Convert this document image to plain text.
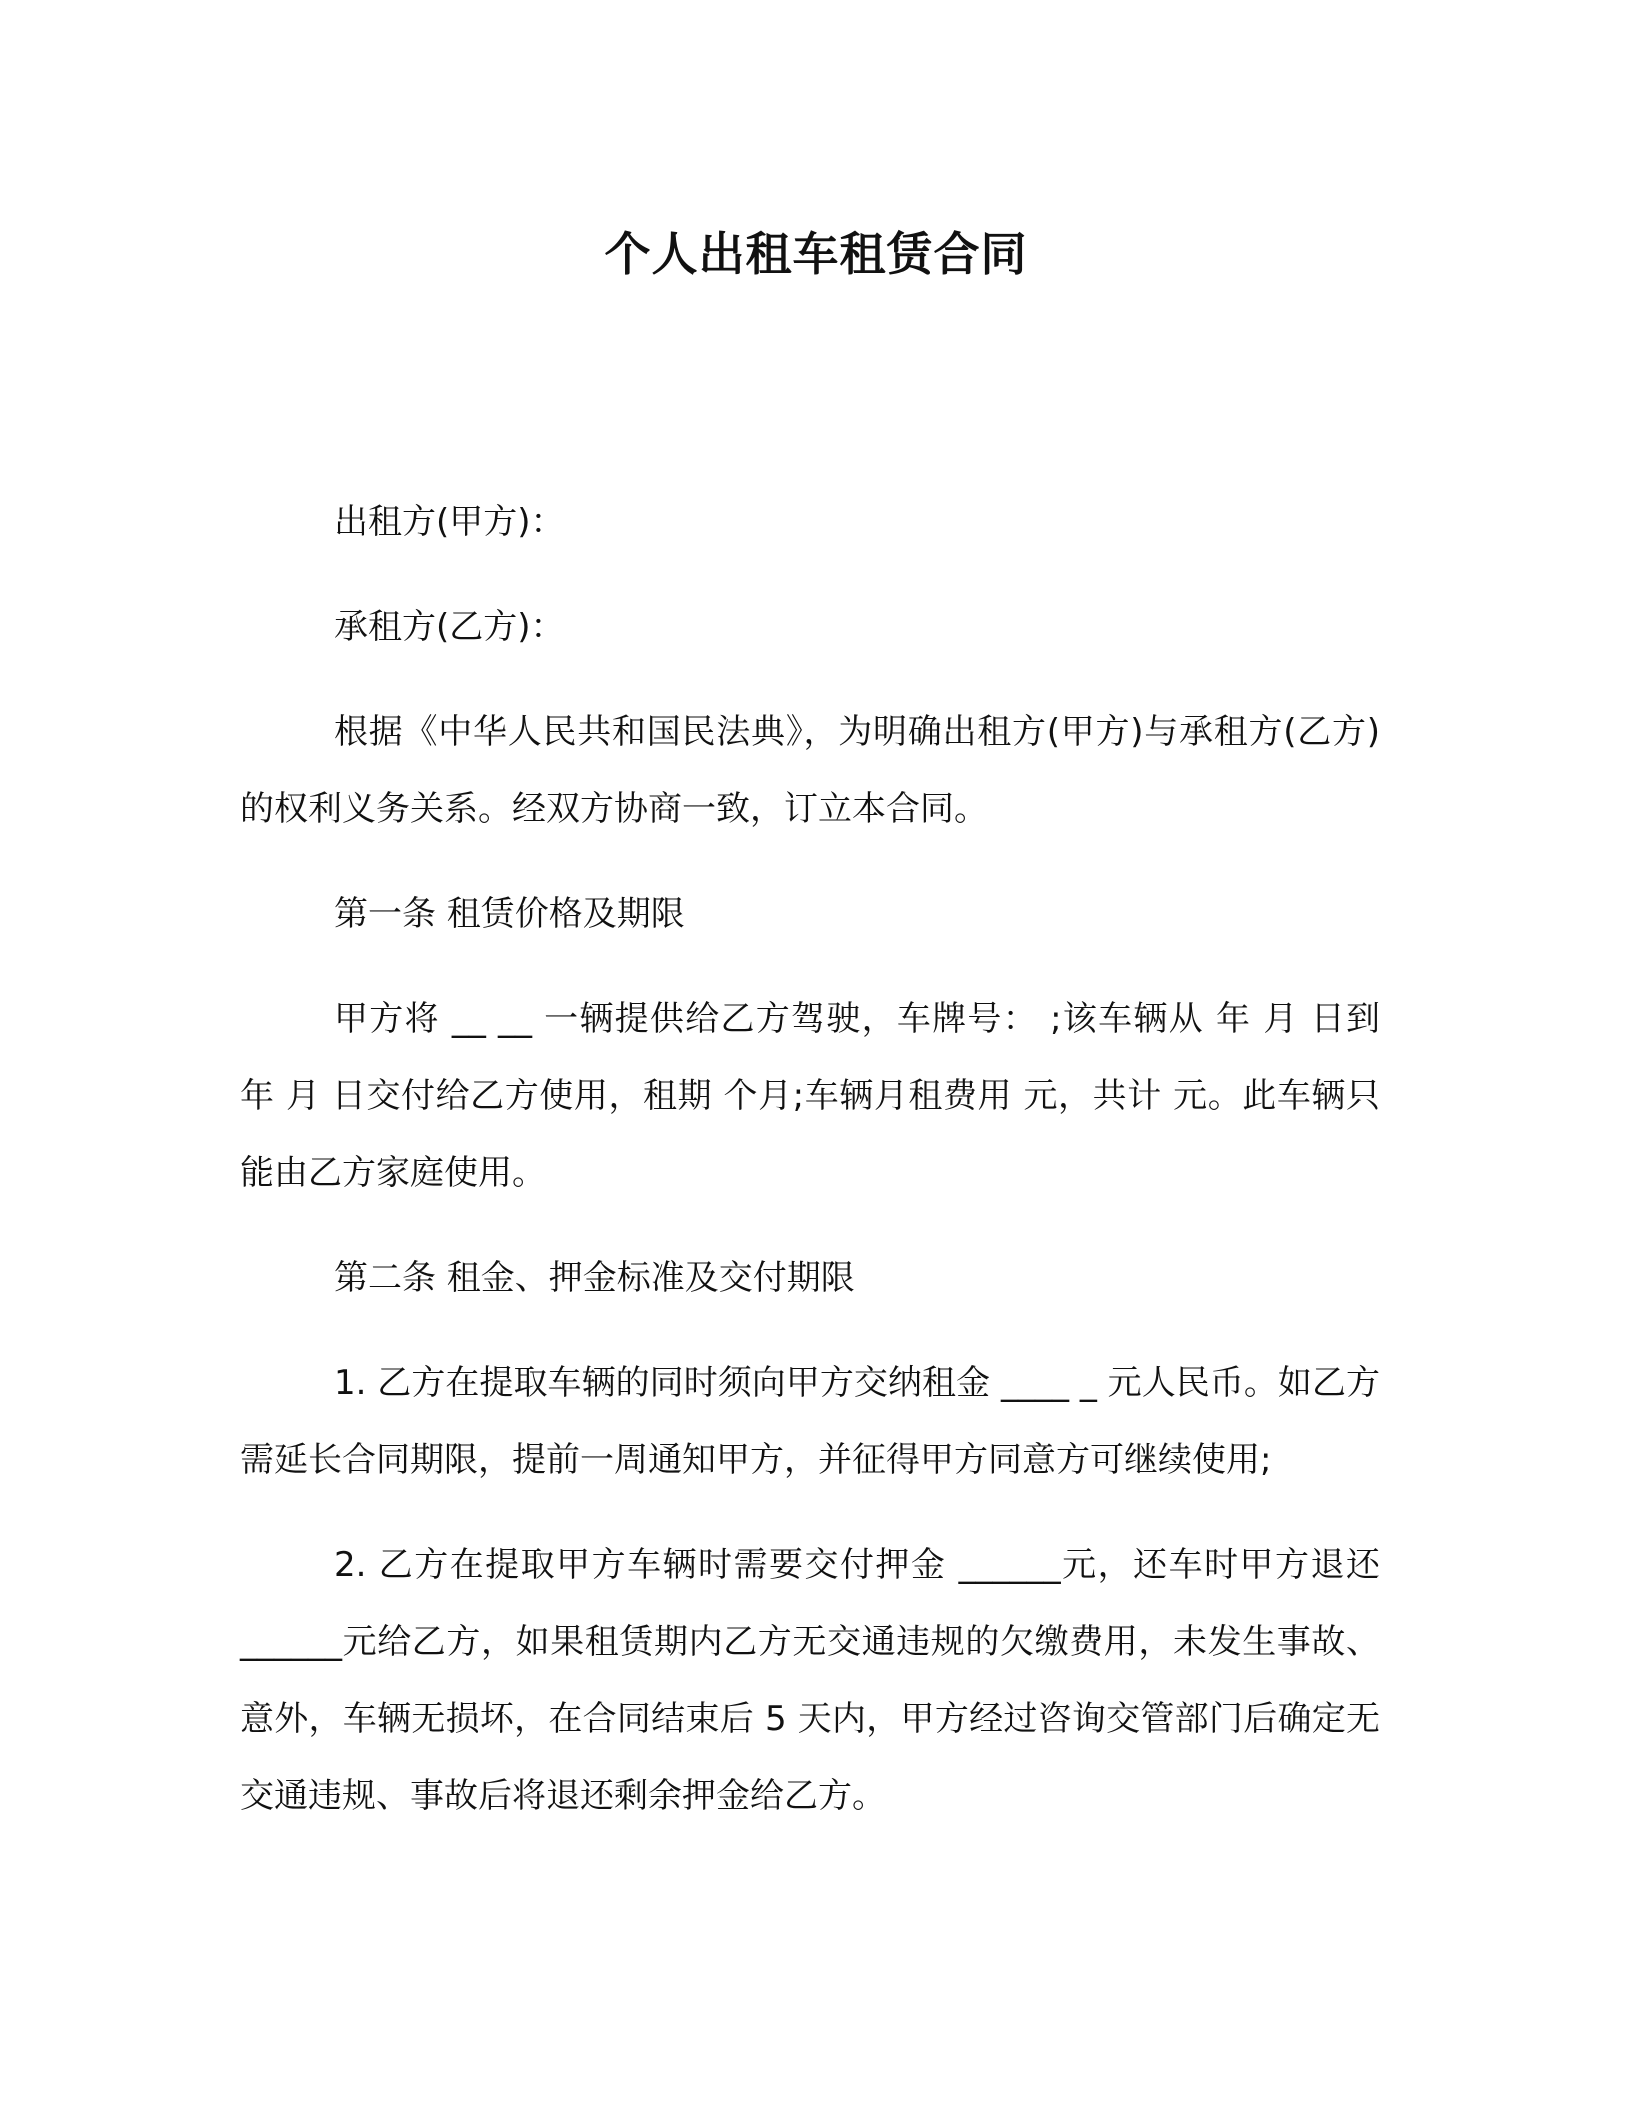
个人出租车租赁合同

出租方(甲方)：

承租方(乙方)：

根据《中华人民共和国民法典》，为明确出租方(甲方)与承租方(乙方)的权利义务关系。经双方协商一致，订立本合同。

第一条 租赁价格及期限

甲方将 __ __ 一辆提供给乙方驾驶，车牌号： ;该车辆从 年 月 日到 年 月 日交付给乙方使用，租期 个月;车辆月租费用 元，共计 元。此车辆只能由乙方家庭使用。

第二条 租金、押金标准及交付期限

1. 乙方在提取车辆的同时须向甲方交纳租金 ____ _ 元人民币。如乙方需延长合同期限，提前一周通知甲方，并征得甲方同意方可继续使用;

2. 乙方在提取甲方车辆时需要交付押金 ______元，还车时甲方退还 ______元给乙方，如果租赁期内乙方无交通违规的欠缴费用，未发生事故、意外，车辆无损坏，在合同结束后 5 天内，甲方经过咨询交管部门后确定无交通违规、事故后将退还剩余押金给乙方。
